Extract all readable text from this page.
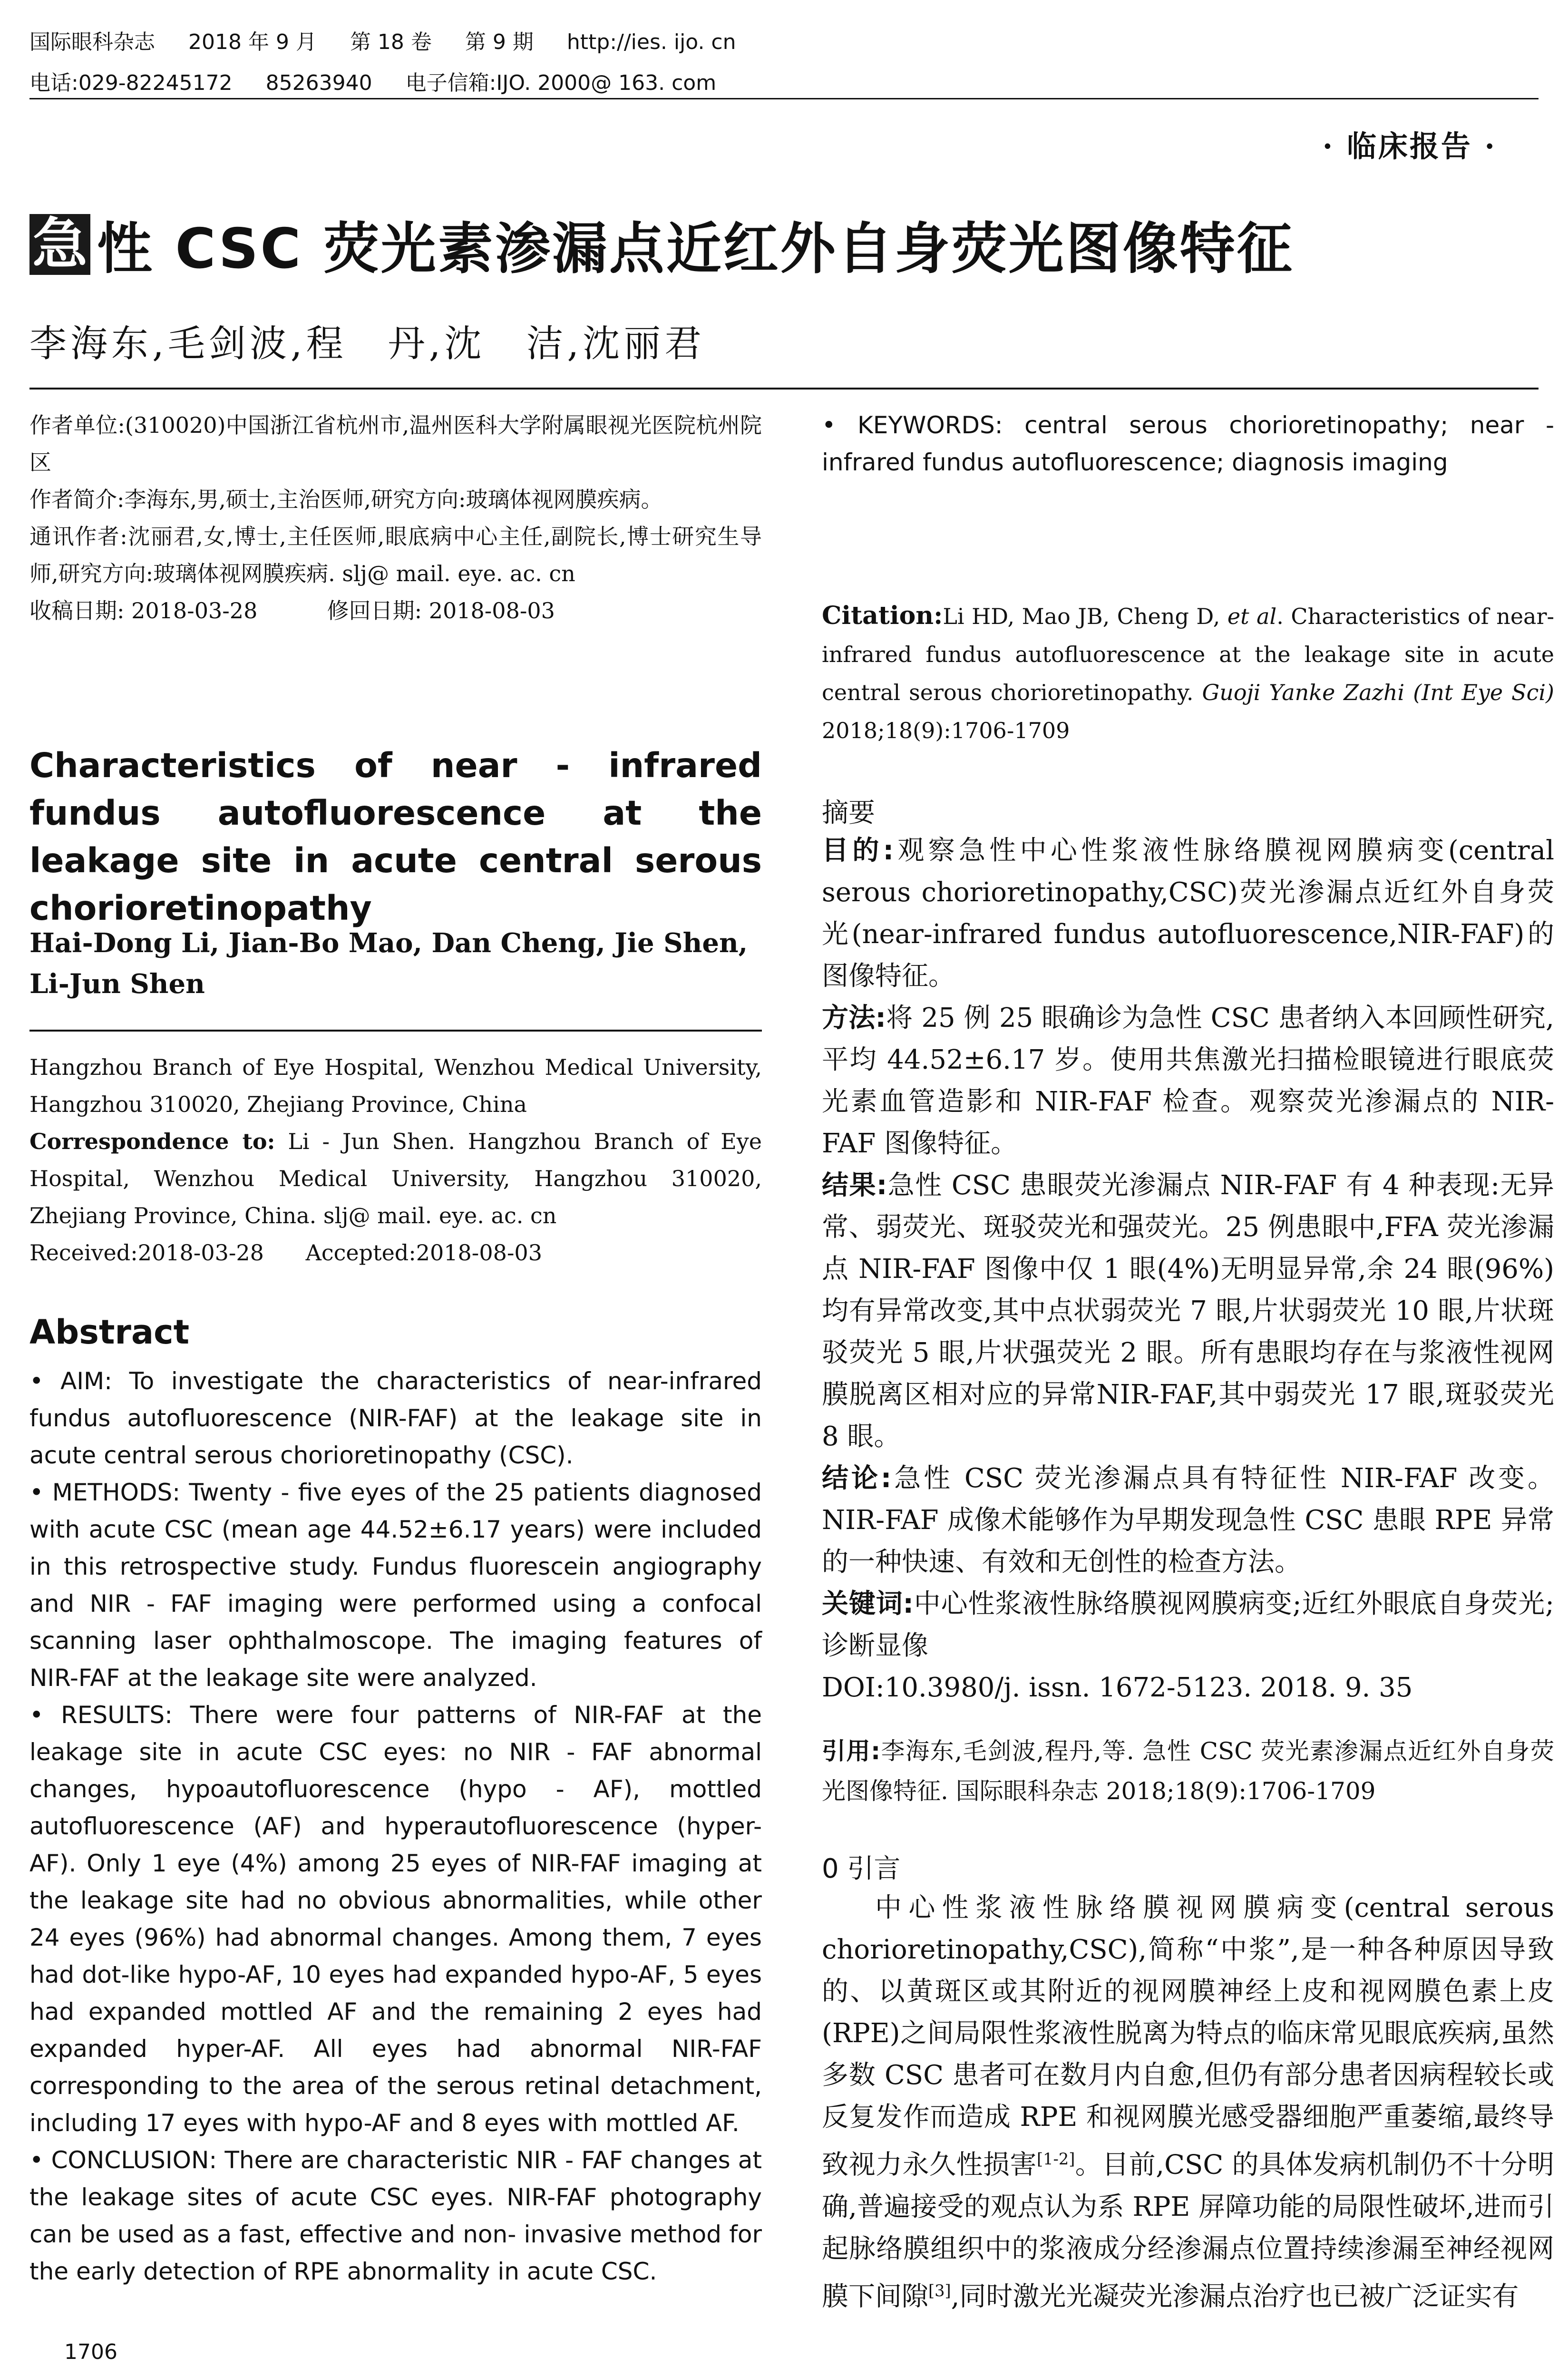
国际眼科杂志 2018 年 9 月 第 18 卷 第 9 期 http://ies. ijo. cn
电话:029-82245172 85263940 电子信箱:IJO. 2000@ 163. com
· 临床报告 ·
急 性 CSC 荧光素渗漏点近红外自身荧光图像特征
李海东,毛剑波,程　丹,沈　洁,沈丽君

作者单位:(310020)中国浙江省杭州市,温州医科大学附属眼视光医院杭州院区

作者简介:李海东,男,硕士,主治医师,研究方向:玻璃体视网膜疾病。

通讯作者:沈丽君,女,博士,主任医师,眼底病中心主任,副院长,博士研究生导师,研究方向:玻璃体视网膜疾病. slj@ mail. eye. ac. cn

收稿日期: 2018-03-28	修回日期: 2018-08-03

Characteristics of near - infrared fundus autofluorescence at the leakage site in acute central serous chorioretinopathy
Hai-Dong Li, Jian-Bo Mao, Dan Cheng, Jie Shen, Li-Jun Shen

Hangzhou Branch of Eye Hospital, Wenzhou Medical University, Hangzhou 310020, Zhejiang Province, China

Correspondence to: Li - Jun Shen. Hangzhou Branch of Eye Hospital, Wenzhou Medical University, Hangzhou 310020, Zhejiang Province, China. slj@ mail. eye. ac. cn

Received:2018-03-28 Accepted:2018-08-03

Abstract

• AIM: To investigate the characteristics of near-infrared fundus autofluorescence (NIR-FAF) at the leakage site in acute central serous chorioretinopathy (CSC).

• METHODS: Twenty - five eyes of the 25 patients diagnosed with acute CSC (mean age 44.52±6.17 years) were included in this retrospective study. Fundus fluorescein angiography and NIR - FAF imaging were performed using a confocal scanning laser ophthalmoscope. The imaging features of NIR-FAF at the leakage site were analyzed.

• RESULTS: There were four patterns of NIR-FAF at the leakage site in acute CSC eyes: no NIR - FAF abnormal changes, hypoautofluorescence (hypo - AF), mottled autofluorescence (AF) and hyperautofluorescence (hyper-AF). Only 1 eye (4%) among 25 eyes of NIR-FAF imaging at the leakage site had no obvious abnormalities, while other 24 eyes (96%) had abnormal changes. Among them, 7 eyes had dot-like hypo-AF, 10 eyes had expanded hypo-AF, 5 eyes had expanded mottled AF and the remaining 2 eyes had expanded hyper-AF. All eyes had abnormal NIR-FAF corresponding to the area of the serous retinal detachment, including 17 eyes with hypo-AF and 8 eyes with mottled AF.

• CONCLUSION: There are characteristic NIR - FAF changes at the leakage sites of acute CSC eyes. NIR-FAF photography can be used as a fast, effective and non- invasive method for the early detection of RPE abnormality in acute CSC.

1706

• KEYWORDS: central serous chorioretinopathy; near - infrared fundus autofluorescence; diagnosis imaging

Citation:Li HD, Mao JB, Cheng D, et al. Characteristics of near-infrared fundus autofluorescence at the leakage site in acute central serous chorioretinopathy. Guoji Yanke Zazhi (Int Eye Sci) 2018;18(9):1706-1709

摘要

目的:观察急性中心性浆液性脉络膜视网膜病变(central serous chorioretinopathy,CSC)荧光渗漏点近红外自身荧光(near-infrared fundus autofluorescence,NIR-FAF)的图像特征。

方法:将 25 例 25 眼确诊为急性 CSC 患者纳入本回顾性研究,平均 44.52±6.17 岁。使用共焦激光扫描检眼镜进行眼底荧光素血管造影和 NIR-FAF 检查。观察荧光渗漏点的 NIR-FAF 图像特征。

结果:急性 CSC 患眼荧光渗漏点 NIR-FAF 有 4 种表现:无异常、弱荧光、斑驳荧光和强荧光。25 例患眼中,FFA 荧光渗漏点 NIR-FAF 图像中仅 1 眼(4%)无明显异常,余 24 眼(96%)均有异常改变,其中点状弱荧光 7 眼,片状弱荧光 10 眼,片状斑驳荧光 5 眼,片状强荧光 2 眼。所有患眼均存在与浆液性视网膜脱离区相对应的异常NIR-FAF,其中弱荧光 17 眼,斑驳荧光 8 眼。

结论:急性 CSC 荧光渗漏点具有特征性 NIR-FAF 改变。NIR-FAF 成像术能够作为早期发现急性 CSC 患眼 RPE 异常的一种快速、有效和无创性的检查方法。

关键词:中心性浆液性脉络膜视网膜病变;近红外眼底自身荧光;诊断显像

DOI:10.3980/j. issn. 1672-5123. 2018. 9. 35

引用:李海东,毛剑波,程丹,等. 急性 CSC 荧光素渗漏点近红外自身荧光图像特征. 国际眼科杂志 2018;18(9):1706-1709

0 引言

中心性浆液性脉络膜视网膜病变(central serous chorioretinopathy,CSC),简称“中浆”,是一种各种原因导致的、以黄斑区或其附近的视网膜神经上皮和视网膜色素上皮(RPE)之间局限性浆液性脱离为特点的临床常见眼底疾病,虽然多数 CSC 患者可在数月内自愈,但仍有部分患者因病程较长或反复发作而造成 RPE 和视网膜光感受器细胞严重萎缩,最终导致视力永久性损害[1-2]。目前,CSC 的具体发病机制仍不十分明确,普遍接受的观点认为系 RPE 屏障功能的局限性破坏,进而引起脉络膜组织中的浆液成分经渗漏点位置持续渗漏至神经视网膜下间隙[3],同时激光光凝荧光渗漏点治疗也已被广泛证实有
